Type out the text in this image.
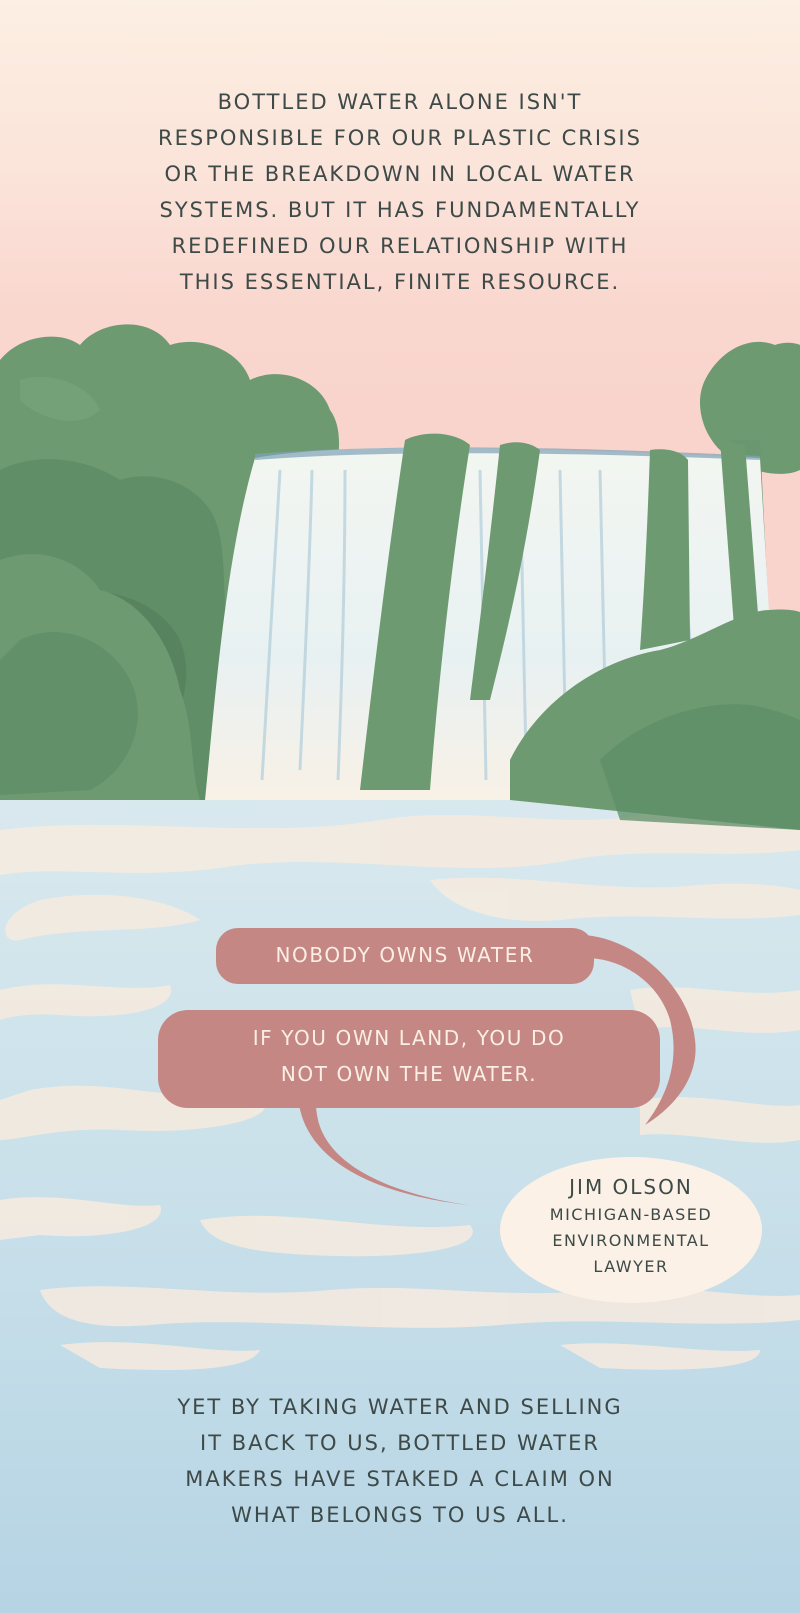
BOTTLED WATER ALONE ISN'T
RESPONSIBLE FOR OUR PLASTIC CRISIS
OR THE BREAKDOWN IN LOCAL WATER
SYSTEMS. BUT IT HAS FUNDAMENTALLY
REDEFINED OUR RELATIONSHIP WITH
THIS ESSENTIAL, FINITE RESOURCE.
NOBODY OWNS WATER
IF YOU OWN LAND, YOU DO
NOT OWN THE WATER.
JIM OLSON
MICHIGAN-BASED
ENVIRONMENTAL
LAWYER
YET BY TAKING WATER AND SELLING
IT BACK TO US, BOTTLED WATER
MAKERS HAVE STAKED A CLAIM ON
WHAT BELONGS TO US ALL.
